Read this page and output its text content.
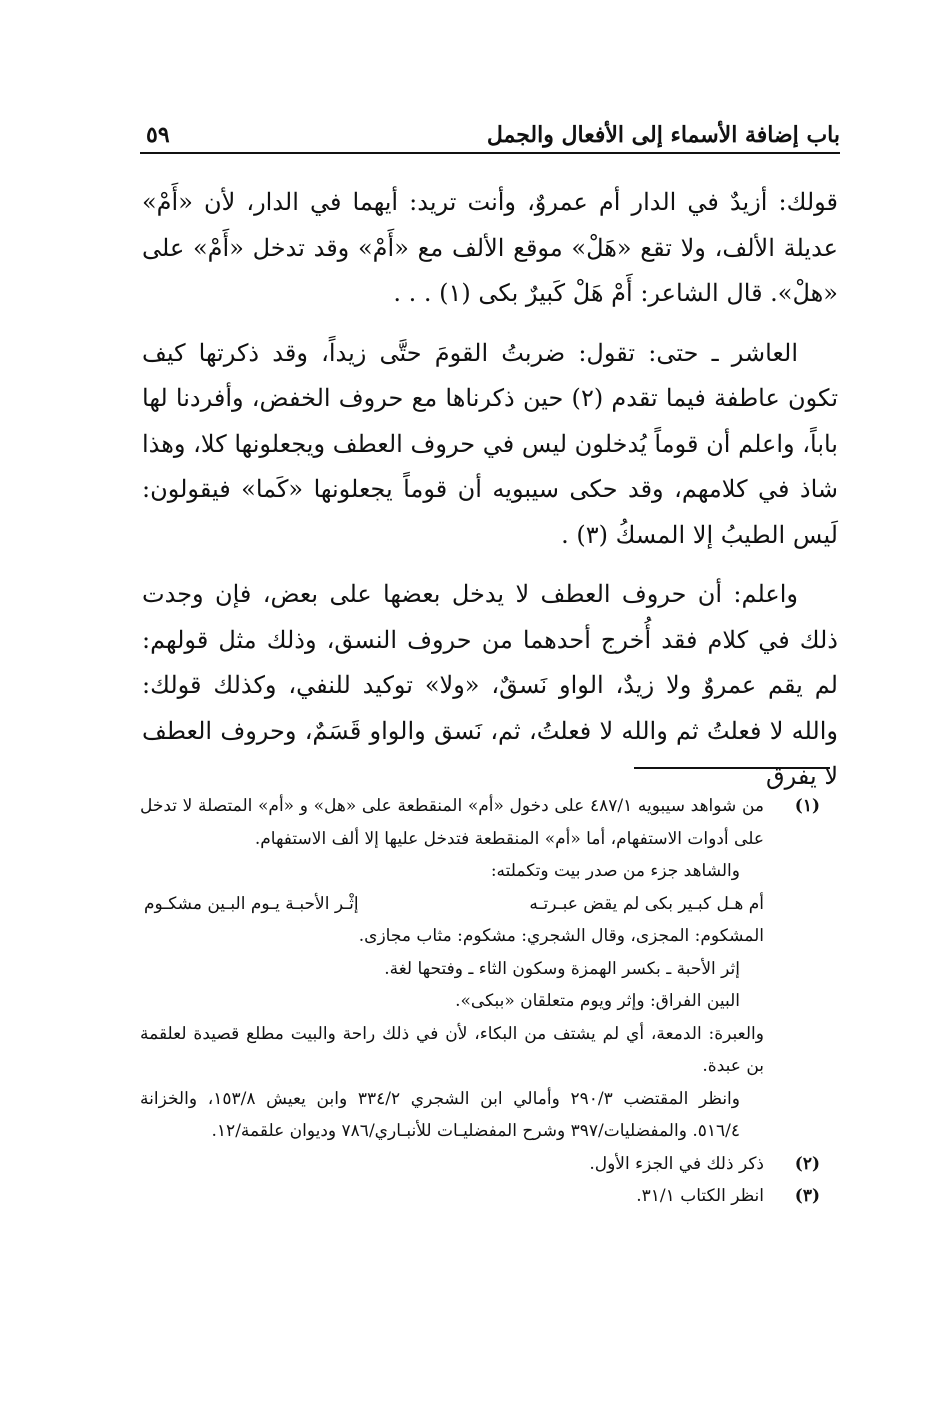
باب إضافة الأسماء إلى الأفعال والجمل
٥٩

قولك: أزيدٌ في الدار أم عمروٌ، وأنت تريد: أيهما في الدار، لأن «أَمْ» عديلة الألف، ولا تقع «هَلْ» موقع الألف مع «أَمْ» وقد تدخل «أَمْ» على «هلْ». قال الشاعر: أَمْ هَلْ كَبيرٌ بكى (١) . . .

العاشر ـ حتى: تقول: ضربتُ القومَ حتَّى زيداً، وقد ذكرتها كيف تكون عاطفة فيما تقدم (٢) حين ذكرناها مع حروف الخفض، وأفردنا لها باباً، واعلم أن قوماً يُدخلون ليس في حروف العطف ويجعلونها كلا، وهذا شاذ في كلامهم، وقد حكى سيبويه أن قوماً يجعلونها «كَما» فيقولون: لَيس الطيبُ إلا المسكُ (٣) .

واعلم: أن حروف العطف لا يدخل بعضها على بعض، فإن وجدت ذلك في كلام فقد أُخرج أحدهما من حروف النسق، وذلك مثل قولهم: لم يقم عمروٌ ولا زيدٌ، الواو نَسقٌ، «ولا» توكيد للنفي، وكذلك قولك: والله لا فعلتُ ثم والله لا فعلتُ، ثم، نَسق والواو قَسَمٌ، وحروف العطف لا يفرق

(١)
من شواهد سيبويه ٤٨٧/١ على دخول «أم» المنقطعة على «هل» و «أم» المتصلة لا تدخل على أدوات الاستفهام، أما «أم» المنقطعة فتدخل عليها إلا ألف الاستفهام.
والشاهد جزء من صدر بيت وتكملته:
أم هـل كبـير بكى لم يقض عبـرتـه
إثْـر الأحبـة يـوم البـين مشكـوم
المشكوم: المجزى، وقال الشجري: مشكوم: مثاب مجازى.
إثر الأحبة ـ بكسر الهمزة وسكون الثاء ـ وفتحها لغة.
البين الفراق: وإثر ويوم متعلقان «ببكى».
والعبرة: الدمعة، أي لم يشتف من البكاء، لأن في ذلك راحة والبيت مطلع قصيدة لعلقمة بن عبدة.
وانظر المقتضب ٢٩٠/٣ وأمالي ابن الشجري ٣٣٤/٢ وابن يعيش ١٥٣/٨، والخزانة ٥١٦/٤. والمفضليات/٣٩٧ وشرح المفضليـات للأنبـاري/٧٨٦ وديوان علقمة/١٢.
(٢)
ذكر ذلك في الجزء الأول.
(٣)
انظر الكتاب ٣١/١.
